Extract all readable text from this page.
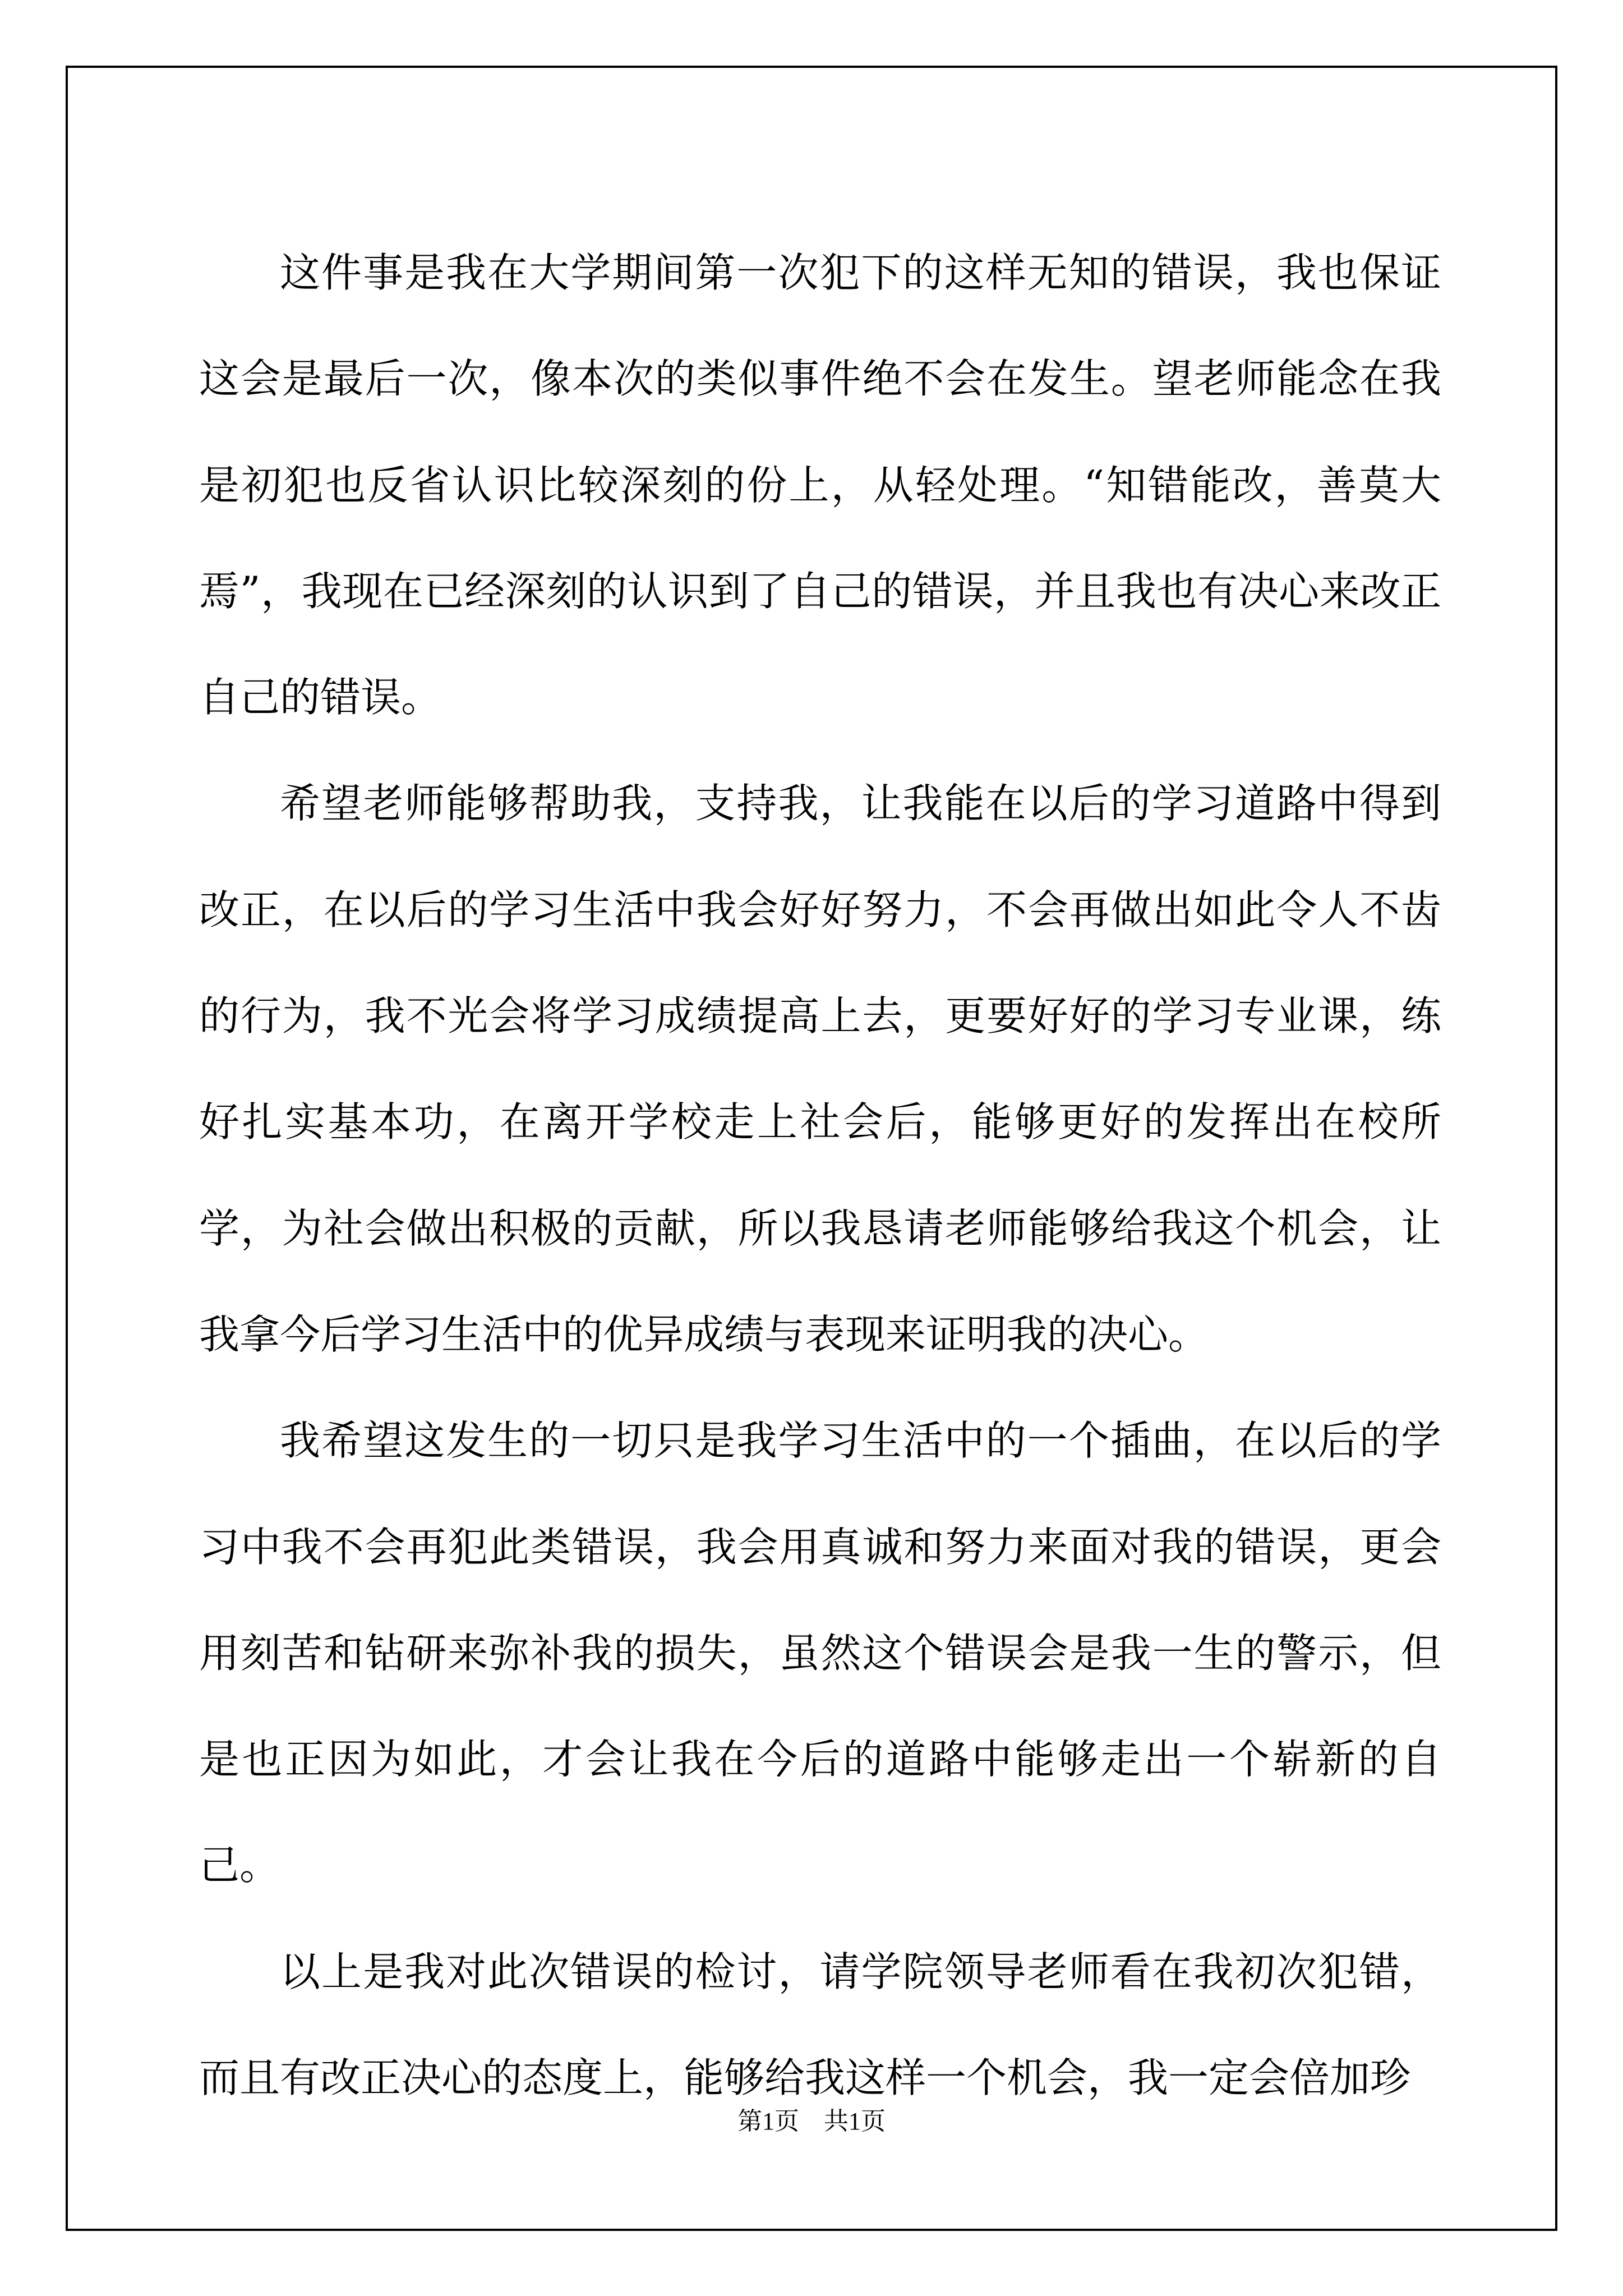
这件事是我在大学期间第一次犯下的这样无知的错误，我也保证这会是最后一次，像本次的类似事件绝不会在发生。望老师能念在我是初犯也反省认识比较深刻的份上，从轻处理。“知错能改，善莫大焉”，我现在已经深刻的认识到了自己的错误，并且我也有决心来改正自己的错误。

希望老师能够帮助我，支持我，让我能在以后的学习道路中得到改正，在以后的学习生活中我会好好努力，不会再做出如此令人不齿的行为，我不光会将学习成绩提高上去，更要好好的学习专业课，练好扎实基本功，在离开学校走上社会后，能够更好的发挥出在校所学，为社会做出积极的贡献，所以我恳请老师能够给我这个机会，让我拿今后学习生活中的优异成绩与表现来证明我的决心。

我希望这发生的一切只是我学习生活中的一个插曲，在以后的学习中我不会再犯此类错误，我会用真诚和努力来面对我的错误，更会用刻苦和钻研来弥补我的损失，虽然这个错误会是我一生的警示，但是也正因为如此，才会让我在今后的道路中能够走出一个崭新的自己。

以上是我对此次错误的检讨，请学院领导老师看在我初次犯错，而且有改正决心的态度上，能够给我这样一个机会，我一定会倍加珍

第1页　共1页
